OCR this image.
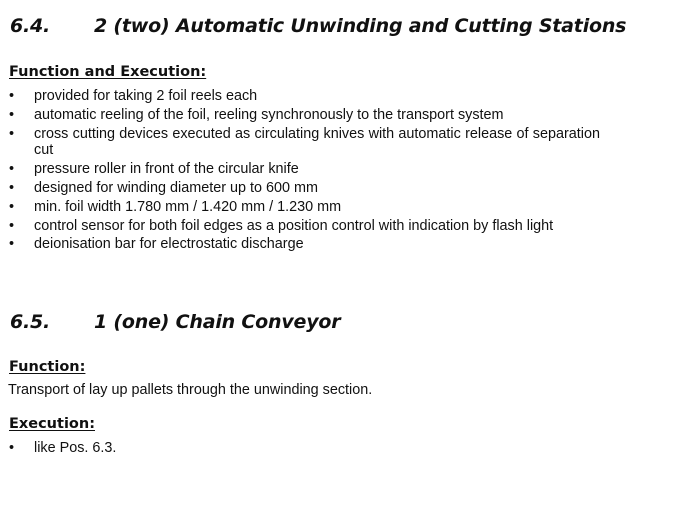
6.4. 2 (two) Automatic Unwinding and Cutting Stations
Function and Execution:
• provided for taking 2 foil reels each
• automatic reeling of the foil, reeling synchronously to the transport system
• cross cutting devices executed as circulating knives with automatic release of separation cut
• pressure roller in front of the circular knife
• designed for winding diameter up to 600 mm
• min. foil width 1.780 mm / 1.420 mm / 1.230 mm
• control sensor for both foil edges as a position control with indication by flash light
• deionisation bar for electrostatic discharge
6.5. 1 (one) Chain Conveyor
Function:
Transport of lay up pallets through the unwinding section.
Execution:
• like Pos. 6.3.
